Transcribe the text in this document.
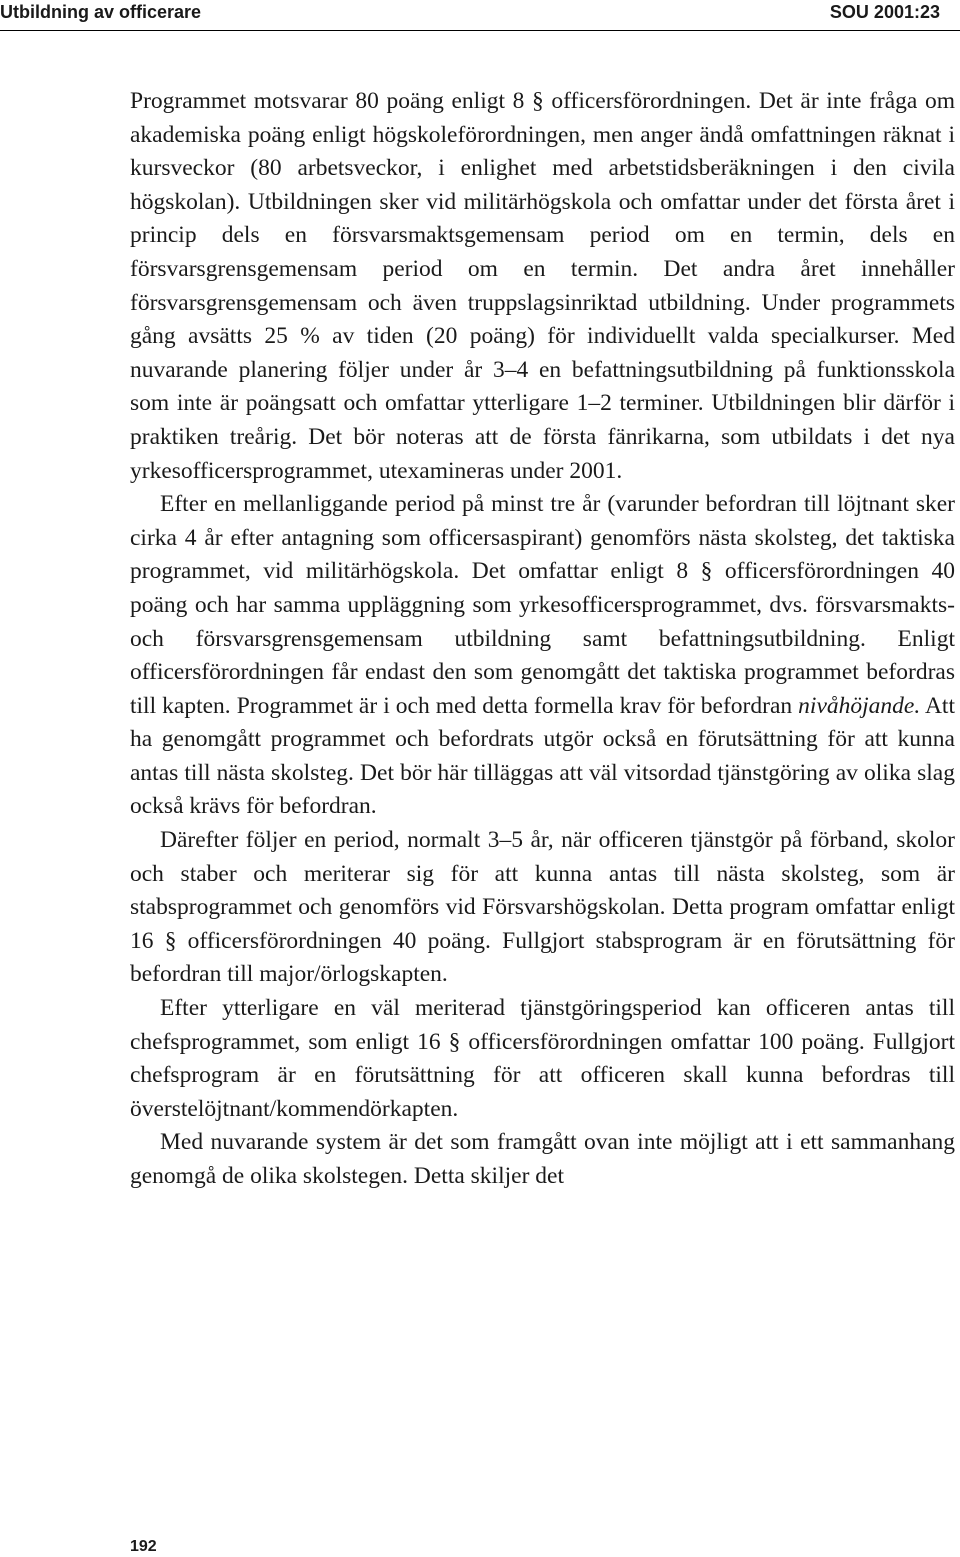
Utbildning av officerare	SOU 2001:23

Programmet motsvarar 80 poäng enligt 8 § officersförordningen. Det är inte fråga om akademiska poäng enligt högskoleförordningen, men anger ändå omfattningen räknat i kursveckor (80 arbetsveckor, i enlighet med arbetstidsberäkningen i den civila högskolan). Utbildningen sker vid militärhögskola och omfattar under det första året i princip dels en försvarsmaktsgemensam period om en termin, dels en försvarsgrensgemensam period om en termin. Det andra året innehåller försvarsgrensgemensam och även truppslagsinriktad utbildning. Under programmets gång avsätts 25 % av tiden (20 poäng) för individuellt valda specialkurser. Med nuvarande planering följer under år 3–4 en befattningsutbildning på funktionsskola som inte är poängsatt och omfattar ytterligare 1–2 terminer. Utbildningen blir därför i praktiken treårig. Det bör noteras att de första fänrikarna, som utbildats i det nya yrkesofficersprogrammet, utexamineras under 2001.

Efter en mellanliggande period på minst tre år (varunder befordran till löjtnant sker cirka 4 år efter antagning som officersaspirant) genomförs nästa skolsteg, det taktiska programmet, vid militärhögskola. Det omfattar enligt 8 § officersförordningen 40 poäng och har samma uppläggning som yrkesofficersprogrammet, dvs. försvarsmakts- och försvarsgrensgemensam utbildning samt befattningsutbildning. Enligt officersförordningen får endast den som genomgått det taktiska programmet befordras till kapten. Programmet är i och med detta formella krav för befordran nivåhöjande. Att ha genomgått programmet och befordrats utgör också en förutsättning för att kunna antas till nästa skolsteg. Det bör här tilläggas att väl vitsordad tjänstgöring av olika slag också krävs för befordran.

Därefter följer en period, normalt 3–5 år, när officeren tjänstgör på förband, skolor och staber och meriterar sig för att kunna antas till nästa skolsteg, som är stabsprogrammet och genomförs vid Försvarshögskolan. Detta program omfattar enligt 16 § officersförordningen 40 poäng. Fullgjort stabsprogram är en förutsättning för befordran till major/örlogskapten.

Efter ytterligare en väl meriterad tjänstgöringsperiod kan officeren antas till chefsprogrammet, som enligt 16 § officersförordningen omfattar 100 poäng. Fullgjort chefsprogram är en förutsättning för att officeren skall kunna befordras till överstelöjtnant/kommendörkapten.

Med nuvarande system är det som framgått ovan inte möjligt att i ett sammanhang genomgå de olika skolstegen. Detta skiljer det

192
